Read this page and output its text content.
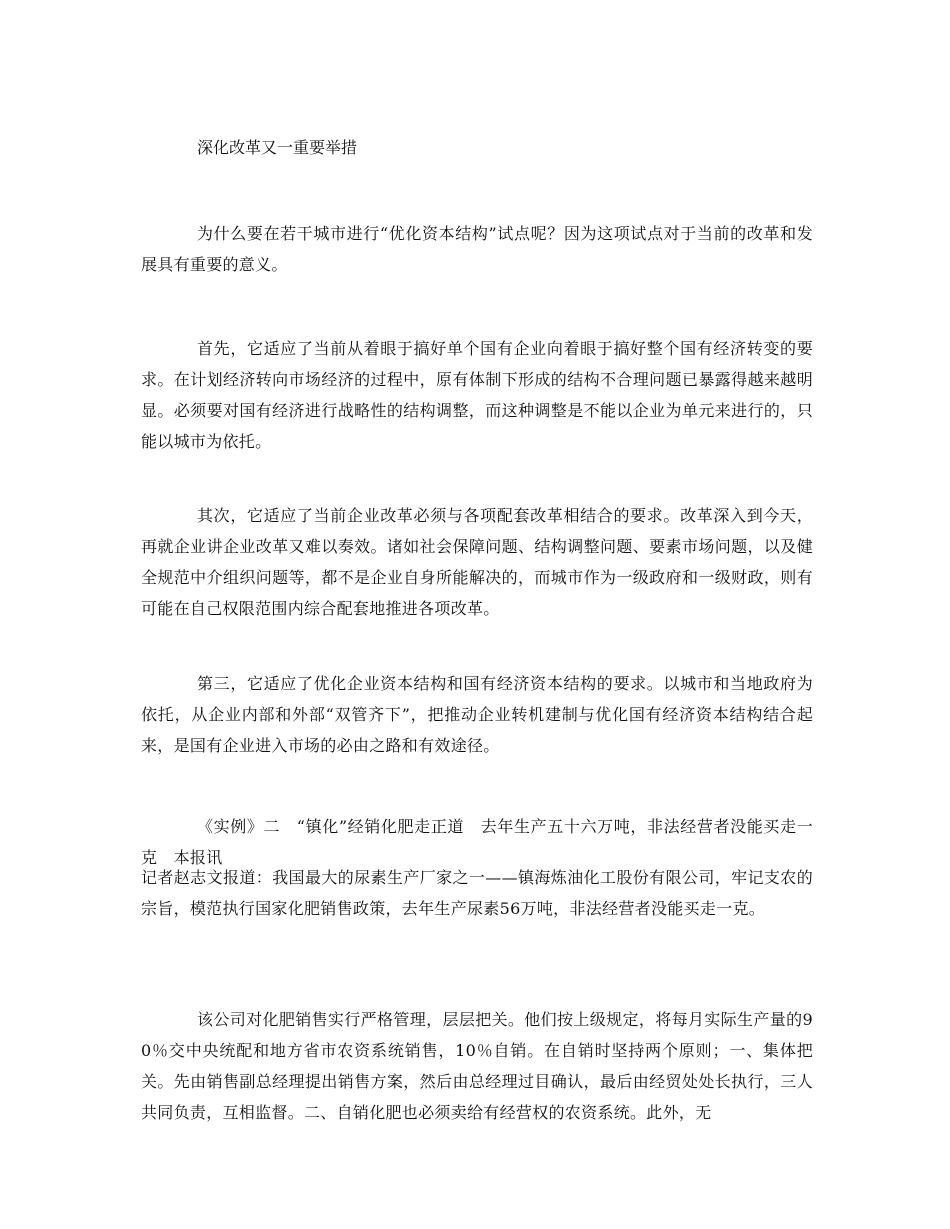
深化改革又一重要举措

为什么要在若干城市进行“优化资本结构”试点呢？因为这项试点对于当前的改革和发展具有重要的意义。

首先，它适应了当前从着眼于搞好单个国有企业向着眼于搞好整个国有经济转变的要求。在计划经济转向市场经济的过程中，原有体制下形成的结构不合理问题已暴露得越来越明显。必须要对国有经济进行战略性的结构调整，而这种调整是不能以企业为单元来进行的，只能以城市为依托。

其次，它适应了当前企业改革必须与各项配套改革相结合的要求。改革深入到今天，再就企业讲企业改革又难以奏效。诸如社会保障问题、结构调整问题、要素市场问题，以及健全规范中介组织问题等，都不是企业自身所能解决的，而城市作为一级政府和一级财政，则有可能在自己权限范围内综合配套地推进各项改革。

第三，它适应了优化企业资本结构和国有经济资本结构的要求。以城市和当地政府为依托，从企业内部和外部“双管齐下”，把推动企业转机建制与优化国有经济资本结构结合起来，是国有企业进入市场的必由之路和有效途径。

《实例》二　“镇化”经销化肥走正道　去年生产五十六万吨，非法经营者没能买走一克　本报讯

记者赵志文报道：我国最大的尿素生产厂家之一——镇海炼油化工股份有限公司，牢记支农的宗旨，模范执行国家化肥销售政策，去年生产尿素56万吨，非法经营者没能买走一克。

该公司对化肥销售实行严格管理，层层把关。他们按上级规定，将每月实际生产量的90％交中央统配和地方省市农资系统销售，10％自销。在自销时坚持两个原则；一、集体把关。先由销售副总经理提出销售方案，然后由总经理过目确认，最后由经贸处处长执行，三人共同负责，互相监督。二、自销化肥也必须卖给有经营权的农资系统。此外，无
